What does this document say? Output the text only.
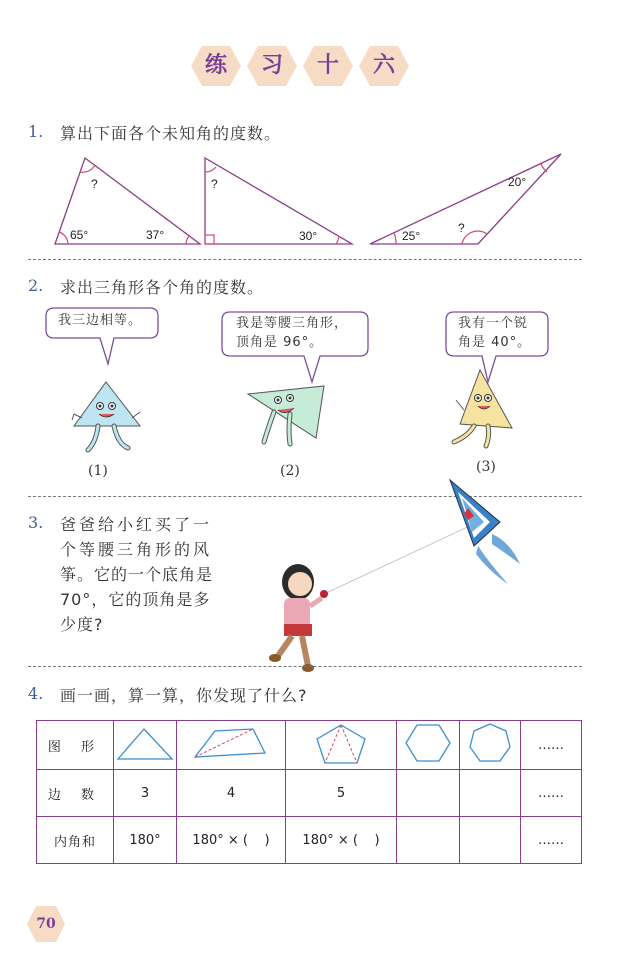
练	习	十	六
1. 算出下面各个未知角的度数。
?
65°	37°
?
30°
20°
25°
?
2. 求出三角形各个角的度数。
我三边相等。	我是等腰三角形，
顶角是 96°。
我有一个锐
角是 40°。
(1)	(2)	(3)
3. 爸爸给小红买了一
个等腰三角形的风
筝。它的一个底角是
70°，它的顶角是多
少度?
4. 画一画，算一算，你发现了什么?
图 形						……
边 数	3	4	5			……
内角和	180°	180° × (    )	180° × (    )			……
70
